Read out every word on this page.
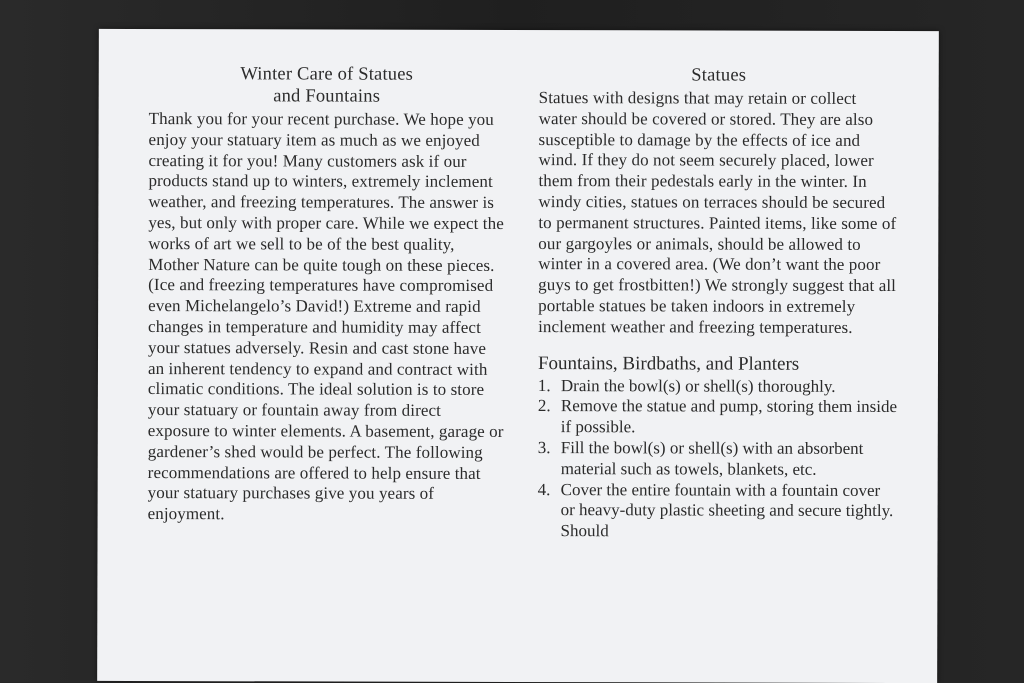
Winter Care of Statues
and Fountains

Thank you for your recent purchase. We hope you enjoy your statuary item as much as we enjoyed creating it for you! Many customers ask if our products stand up to winters, extremely inclement weather, and freezing temperatures. The answer is yes, but only with proper care. While we expect the works of art we sell to be of the best quality, Mother Nature can be quite tough on these pieces. (Ice and freezing temperatures have compromised even Michelangelo’s David!) Extreme and rapid changes in temperature and humidity may affect your statues adversely. Resin and cast stone have an inherent tendency to expand and contract with climatic conditions. The ideal solution is to store your statuary or fountain away from direct exposure to winter elements. A basement, garage or gardener’s shed would be perfect. The following recommendations are offered to help ensure that your statuary purchases give you years of enjoyment.

Statues

Statues with designs that may retain or collect water should be covered or stored. They are also susceptible to damage by the effects of ice and wind. If they do not seem securely placed, lower them from their pedestals early in the winter. In windy cities, statues on terraces should be secured to permanent structures. Painted items, like some of our gargoyles or animals, should be allowed to winter in a covered area. (We don’t want the poor guys to get frostbitten!) We strongly suggest that all portable statues be taken indoors in extremely inclement weather and freezing temperatures.

Fountains, Birdbaths, and Planters
1. Drain the bowl(s) or shell(s) thoroughly.
2. Remove the statue and pump, storing them inside if possible.
3. Fill the bowl(s) or shell(s) with an absorbent material such as towels, blankets, etc.
4. Cover the entire fountain with a fountain cover or heavy-duty plastic sheeting and secure tightly. Should
